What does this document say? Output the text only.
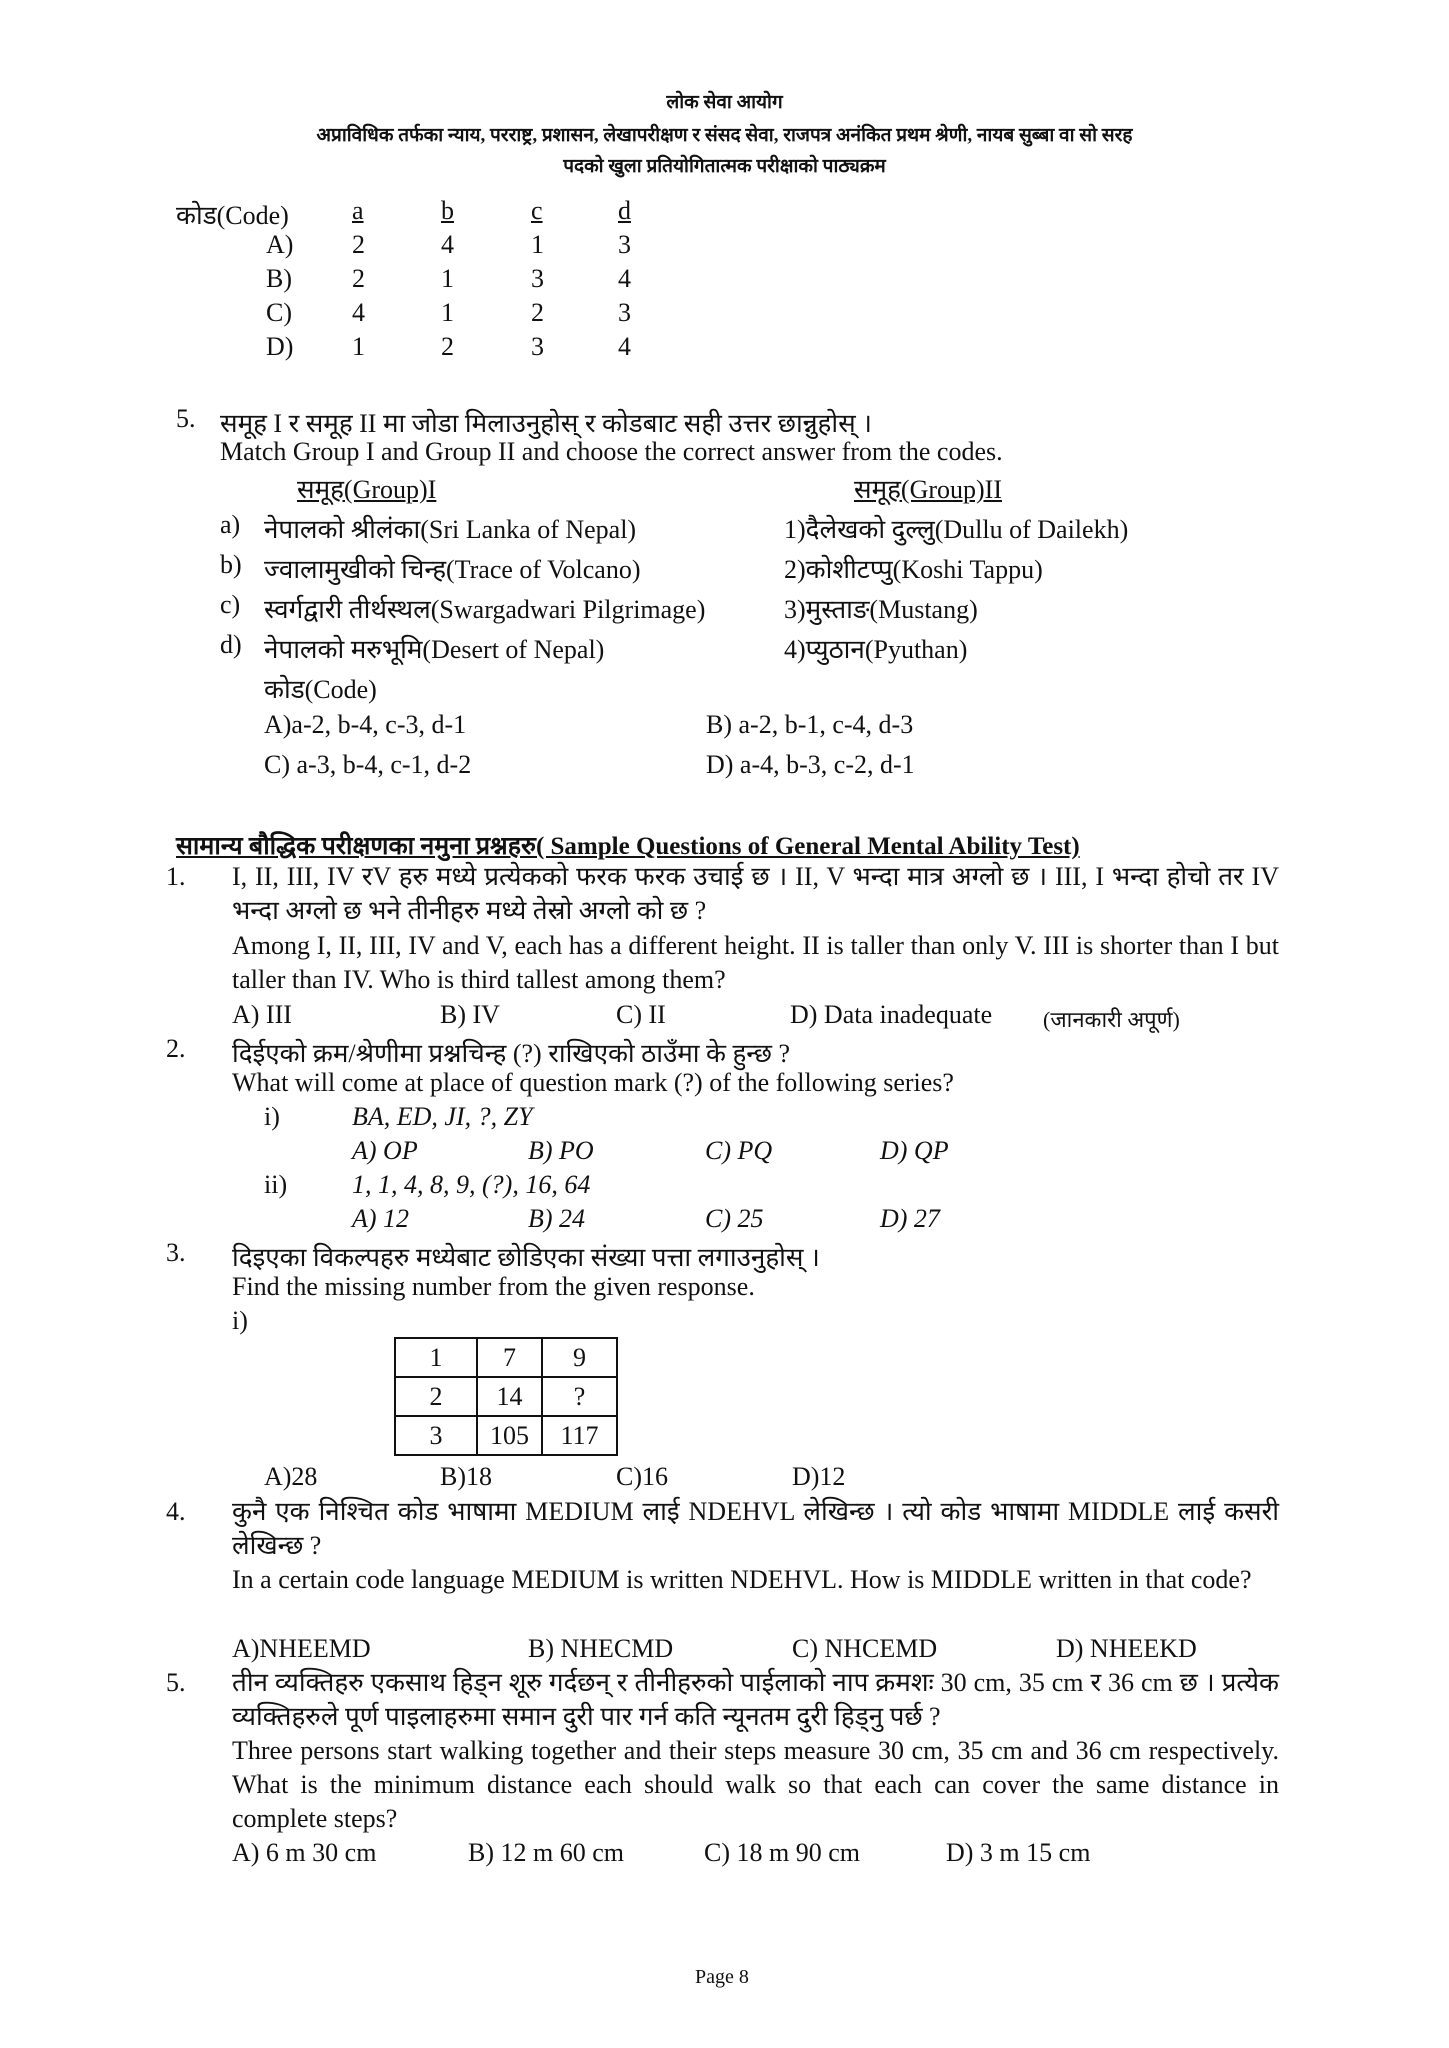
लोक सेवा आयोग
अप्राविधिक तर्फका न्याय, परराष्ट्र, प्रशासन, लेखापरीक्षण र संसद सेवा, राजपत्र अनंकित प्रथम श्रेणी, नायब सुब्बा वा सो सरह
पदको खुला प्रतियोगितात्मक परीक्षाको पाठ्यक्रम
कोड(Code) a	b	c	d
A) 2	4	1	3
B) 2	1	3	4
C) 4	1	2	3
D) 1	2	3	4
5. समूह I र समूह II मा जोडा मिलाउनुहोस् र कोडबाट सही उत्तर छान्नुहोस् ।
Match Group I and Group II and choose the correct answer from the codes.
समूह(Group)I	समूह(Group)II
a) नेपालको श्रीलंका(Sri Lanka of Nepal)	1)दैलेखको दुल्लु(Dullu of Dailekh)
b) ज्वालामुखीको चिन्ह(Trace of Volcano)	2)कोशीटप्पु(Koshi Tappu)
c) स्वर्गद्वारी तीर्थस्थल(Swargadwari Pilgrimage)	3)मुस्ताङ(Mustang)
d) नेपालको मरुभूमि(Desert of Nepal)	4)प्युठान(Pyuthan)
कोड(Code)
A)a-2, b-4, c-3, d-1	B) a-2, b-1, c-4, d-3
C) a-3, b-4, c-1, d-2	D) a-4, b-3, c-2, d-1
सामान्य बौद्धिक परीक्षणका नमुना प्रश्नहरु( Sample Questions of General Mental Ability Test)
1. I, II, III, IV रV हरु मध्ये प्रत्येकको फरक फरक उचाई छ । II, V भन्दा मात्र अग्लो छ । III, I भन्दा होचो तर IV भन्दा अग्लो छ भने तीनीहरु मध्ये तेस्रो अग्लो को छ ?
Among I, II, III, IV and V, each has a different height. II is taller than only V. III is shorter than I but taller than IV. Who is third tallest among them?
A) III	B) IV	C) II	D) Data inadequate (जानकारी अपूर्ण)
2. दिईएको क्रम/श्रेणीमा प्रश्नचिन्ह (?) राखिएको ठाउँमा के हुन्छ ?
What will come at place of question mark (?) of the following series?
i)	BA, ED, JI, ?, ZY
A) OP	B) PO	C) PQ	D) QP
ii) 1, 1, 4, 8, 9, (?), 16, 64
A) 12	B) 24	C) 25	D) 27
3. दिइएका विकल्पहरु मध्येबाट छोडिएका संख्या पत्ता लगाउनुहोस् ।
Find the missing number from the given response.
i)
1	7	9
2	14	?
3	105	117
A)28	B)18	C)16	D)12
4. कुनै एक निश्चित कोड भाषामा MEDIUM लाई NDEHVL लेखिन्छ । त्यो कोड भाषामा MIDDLE लाई कसरी लेखिन्छ ?
In a certain code language MEDIUM is written NDEHVL. How is MIDDLE written in that code?
A)NHEEMD	B) NHECMD	C) NHCEMD	D) NHEEKD
5. तीन व्यक्तिहरु एकसाथ हिड्न शूरु गर्दछन् र तीनीहरुको पाईलाको नाप क्रमशः 30 cm, 35 cm र 36 cm छ । प्रत्येक व्यक्तिहरुले पूर्ण पाइलाहरुमा समान दुरी पार गर्न कति न्यूनतम दुरी हिड्नु पर्छ ?
Three persons start walking together and their steps measure 30 cm, 35 cm and 36 cm respectively. What is the minimum distance each should walk so that each can cover the same distance in complete steps?
A) 6 m 30 cm	B) 12 m 60 cm	C) 18 m 90 cm	D) 3 m 15 cm
Page 8
